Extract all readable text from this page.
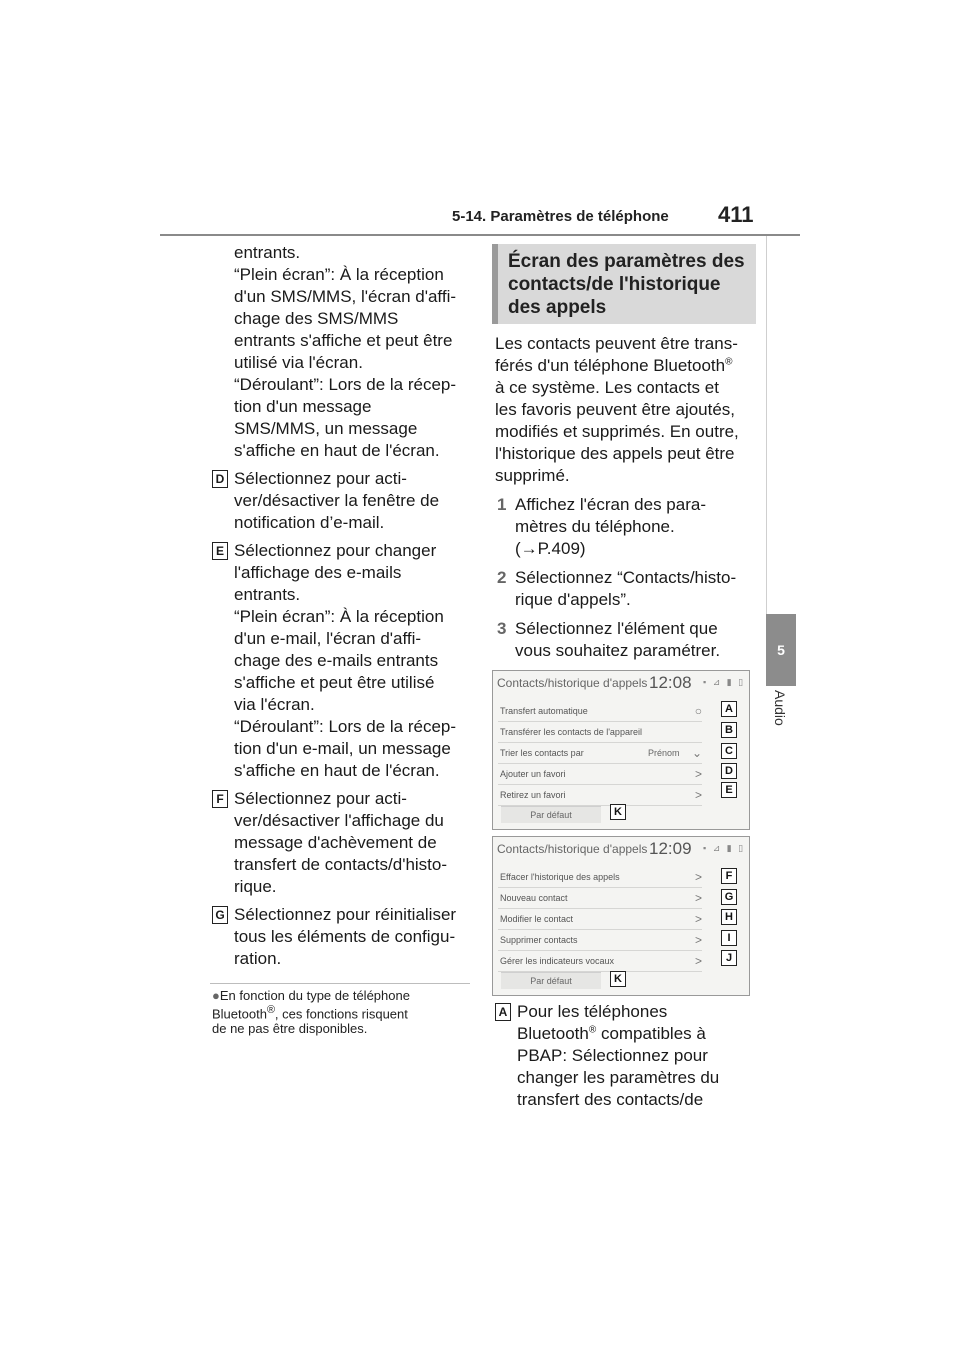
5-14. Paramètres de téléphone 411
5
Audio
entrants.
“Plein écran”: À la réception
d'un SMS/MMS, l'écran d'affi-
chage des SMS/MMS
entrants s'affiche et peut être
utilisé via l'écran.
“Déroulant”: Lors de la récep-
tion d'un message
SMS/MMS, un message
s'affiche en haut de l'écran.
D Sélectionnez pour acti-
ver/désactiver la fenêtre de
notification d’e-mail.
E Sélectionnez pour changer
l'affichage des e-mails
entrants.
“Plein écran”: À la réception
d'un e-mail, l'écran d'affi-
chage des e-mails entrants
s'affiche et peut être utilisé
via l'écran.
“Déroulant”: Lors de la récep-
tion d'un e-mail, un message
s'affiche en haut de l'écran.
F Sélectionnez pour acti-
ver/désactiver l'affichage du
message d'achèvement de
transfert de contacts/d'histo-
rique.
G Sélectionnez pour réinitialiser
tous les éléments de configu-
ration.
●En fonction du type de téléphone
Bluetooth®, ces fonctions risquent
de ne pas être disponibles.
Écran des paramètres des
contacts/de l'historique
des appels
Les contacts peuvent être trans-
férés d'un téléphone Bluetooth®
à ce système. Les contacts et
les favoris peuvent être ajoutés,
modifiés et supprimés. En outre,
l'historique des appels peut être
supprimé.
1 Affichez l'écran des para-
mètres du téléphone.
(→P.409)
2 Sélectionnez “Contacts/histo-
rique d'appels”.
3 Sélectionnez l'élément que
vous souhaitez paramétrer.
Contacts/historique d'appels 12:08 ▪ ⊿ ▮ ▯
Transfert automatique	○
Transférer les contacts de l'appareil
Trier les contacts par	Prénom ⌄
Ajouter un favori	>
Retirez un favori	>
Par défaut
A
B
C
D
E
K
Contacts/historique d'appels 12:09 ▪ ⊿ ▮ ▯
Effacer l'historique des appels	>
Nouveau contact	>
Modifier le contact	>
Supprimer contacts	>
Gérer les indicateurs vocaux	>
Par défaut
F
G
H
I
J
K
A Pour les téléphones
Bluetooth® compatibles à
PBAP: Sélectionnez pour
changer les paramètres du
transfert des contacts/de
